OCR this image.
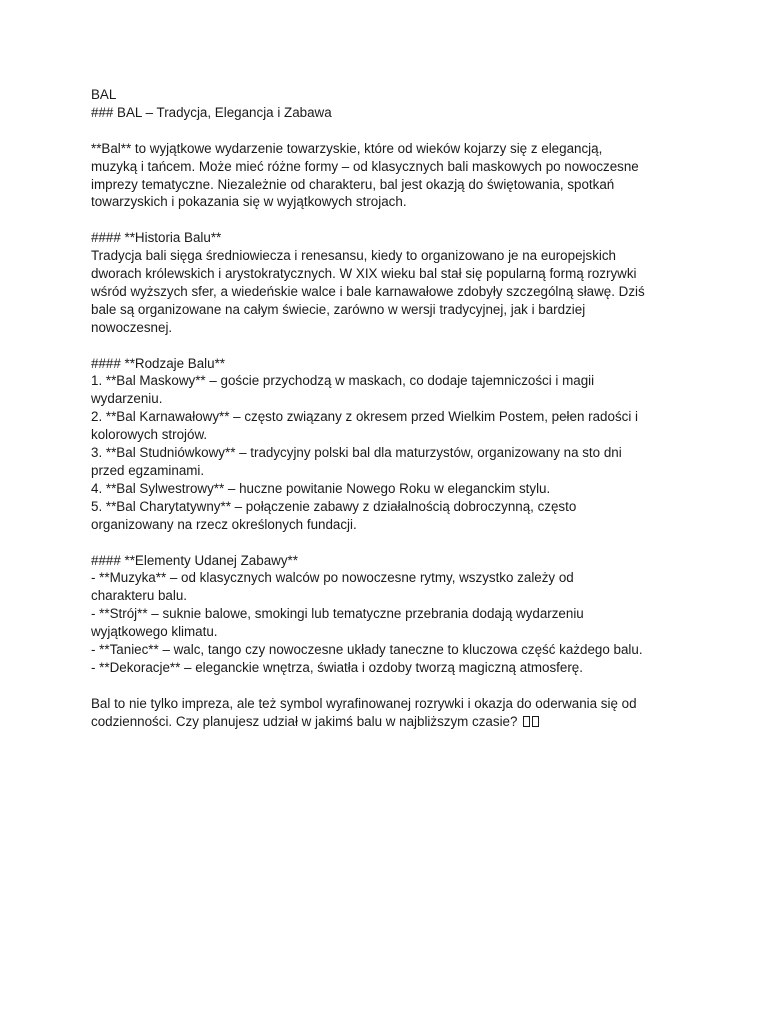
BAL
### BAL – Tradycja, Elegancja i Zabawa
**Bal** to wyjątkowe wydarzenie towarzyskie, które od wieków kojarzy się z elegancją,
muzyką i tańcem. Może mieć różne formy – od klasycznych bali maskowych po nowoczesne
imprezy tematyczne. Niezależnie od charakteru, bal jest okazją do świętowania, spotkań
towarzyskich i pokazania się w wyjątkowych strojach.
#### **Historia Balu**
Tradycja bali sięga średniowiecza i renesansu, kiedy to organizowano je na europejskich
dworach królewskich i arystokratycznych. W XIX wieku bal stał się popularną formą rozrywki
wśród wyższych sfer, a wiedeńskie walce i bale karnawałowe zdobyły szczególną sławę. Dziś
bale są organizowane na całym świecie, zarówno w wersji tradycyjnej, jak i bardziej
nowoczesnej.
#### **Rodzaje Balu**
1. **Bal Maskowy** – goście przychodzą w maskach, co dodaje tajemniczości i magii
wydarzeniu.
2. **Bal Karnawałowy** – często związany z okresem przed Wielkim Postem, pełen radości i
kolorowych strojów.
3. **Bal Studniówkowy** – tradycyjny polski bal dla maturzystów, organizowany na sto dni
przed egzaminami.
4. **Bal Sylwestrowy** – huczne powitanie Nowego Roku w eleganckim stylu.
5. **Bal Charytatywny** – połączenie zabawy z działalnością dobroczynną, często
organizowany na rzecz określonych fundacji.
#### **Elementy Udanej Zabawy**
- **Muzyka** – od klasycznych walców po nowoczesne rytmy, wszystko zależy od
charakteru balu.
- **Strój** – suknie balowe, smokingi lub tematyczne przebrania dodają wydarzeniu
wyjątkowego klimatu.
- **Taniec** – walc, tango czy nowoczesne układy taneczne to kluczowa część każdego balu.
- **Dekoracje** – eleganckie wnętrza, światła i ozdoby tworzą magiczną atmosferę.
Bal to nie tylko impreza, ale też symbol wyrafinowanej rozrywki i okazja do oderwania się od
codzienności. Czy planujesz udział w jakimś balu w najbliższym czasie?
